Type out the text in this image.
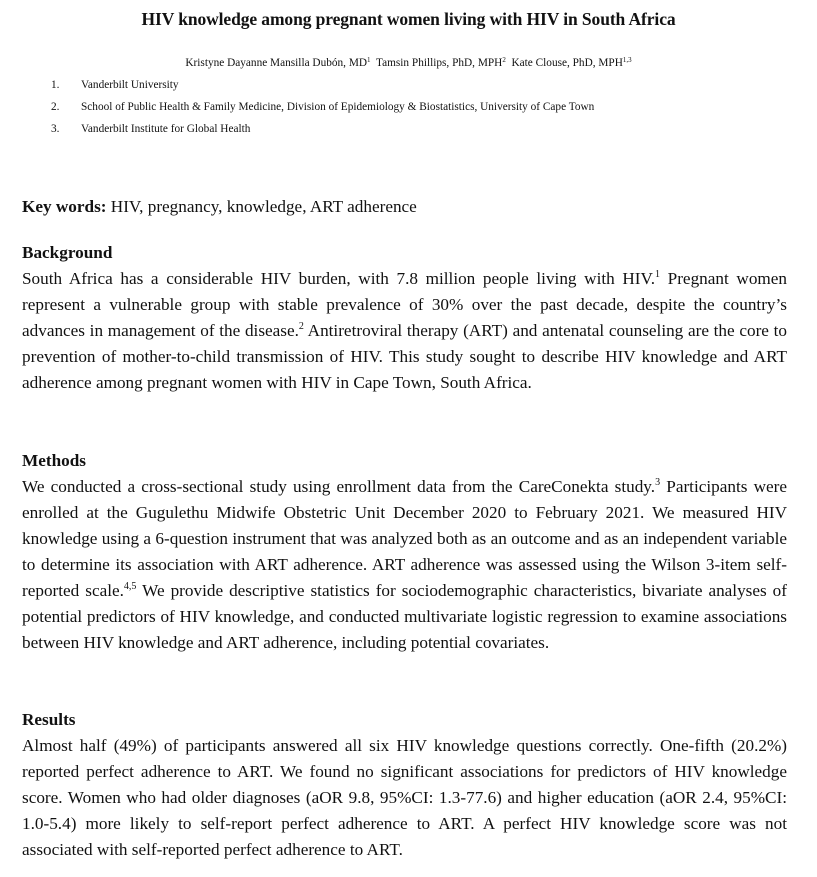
HIV knowledge among pregnant women living with HIV in South Africa
Kristyne Dayanne Mansilla Dubón, $MD^1$ Tamsin Phillips, PhD, MPH$^2$ Kate Clouse, PhD, MPH$^{1,3}$
1. Vanderbilt University
2. School of Public Health & Family Medicine, Division of Epidemiology & Biostatistics, University of Cape Town
3. Vanderbilt Institute for Global Health
Key words: HIV, pregnancy, knowledge, ART adherence
Background
South Africa has a considerable HIV burden, with 7.8 million people living with HIV.$^1$ Pregnant women represent a vulnerable group with stable prevalence of 30% over the past decade, despite the country’s advances in management of the disease.$^2$ Antiretroviral therapy (ART) and antenatal counseling are the core to prevention of mother-to-child transmission of HIV. This study sought to describe HIV knowledge and ART adherence among pregnant women with HIV in Cape Town, South Africa.
Methods
We conducted a cross-sectional study using enrollment data from the CareConekta study.$^3$ Participants were enrolled at the Gugulethu Midwife Obstetric Unit December 2020 to February 2021. We measured HIV knowledge using a 6-question instrument that was analyzed both as an outcome and as an independent variable to determine its association with ART adherence. ART adherence was assessed using the Wilson 3-item self-reported scale.$^{4,5}$ We provide descriptive statistics for sociodemographic characteristics, bivariate analyses of potential predictors of HIV knowledge, and conducted multivariate logistic regression to examine associations between HIV knowledge and ART adherence, including potential covariates.
Results
Almost half (49%) of participants answered all six HIV knowledge questions correctly. One-fifth (20.2%) reported perfect adherence to ART. We found no significant associations for predictors of HIV knowledge score. Women who had older diagnoses (aOR 9.8, 95%CI: 1.3-77.6) and higher education (aOR 2.4, 95%CI: 1.0-5.4) more likely to self-report perfect adherence to ART. A perfect HIV knowledge score was not associated with self-reported perfect adherence to ART.
